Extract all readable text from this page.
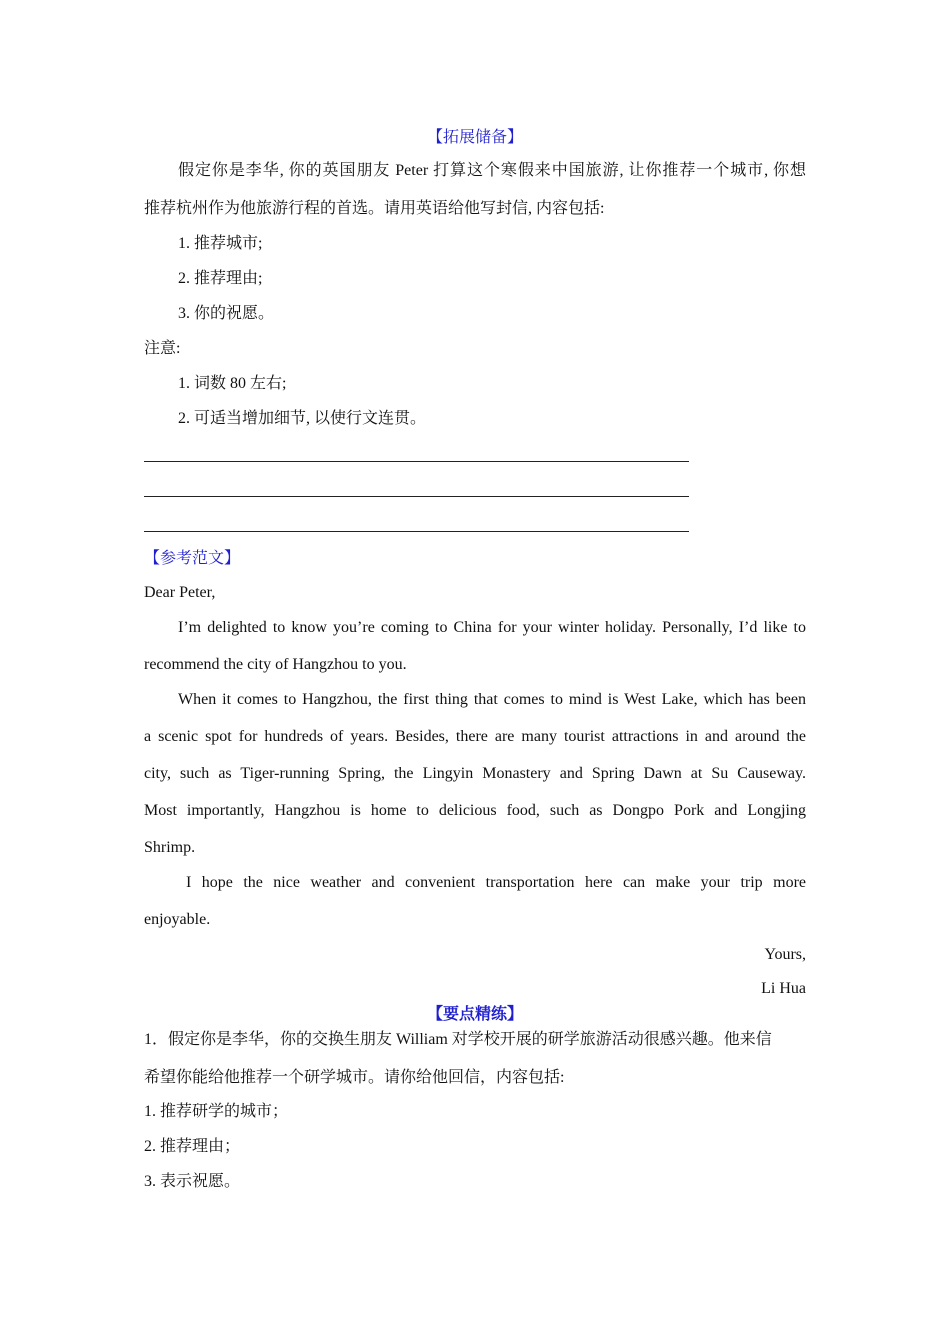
【拓展储备】
假定你是李华, 你的英国朋友 Peter 打算这个寒假来中国旅游, 让你推荐一个城市, 你想
推荐杭州作为他旅游行程的首选。请用英语给他写封信, 内容包括:
1. 推荐城市;
2. 推荐理由;
3. 你的祝愿。
注意:
1. 词数 80 左右;
2. 可适当增加细节, 以使行文连贯。
【参考范文】
Dear Peter,
I’m delighted to know you’re coming to China for your winter holiday. Personally, I’d like to
recommend the city of Hangzhou to you.
When it comes to Hangzhou, the first thing that comes to mind is West Lake, which has been
a scenic spot for hundreds of years. Besides, there are many tourist attractions in and around the
city, such as Tiger-running Spring, the Lingyin Monastery and Spring Dawn at Su Causeway.
Most importantly, Hangzhou is home to delicious food, such as Dongpo Pork and Longjing
Shrimp.
I hope the nice weather and convenient transportation here can make your trip more
enjoyable.
Yours,
Li Hua
【要点精练】
1．假定你是李华，你的交换生朋友 William 对学校开展的研学旅游活动很感兴趣。他来信
希望你能给他推荐一个研学城市。请你给他回信，内容包括:
1. 推荐研学的城市；
2. 推荐理由；
3. 表示祝愿。
